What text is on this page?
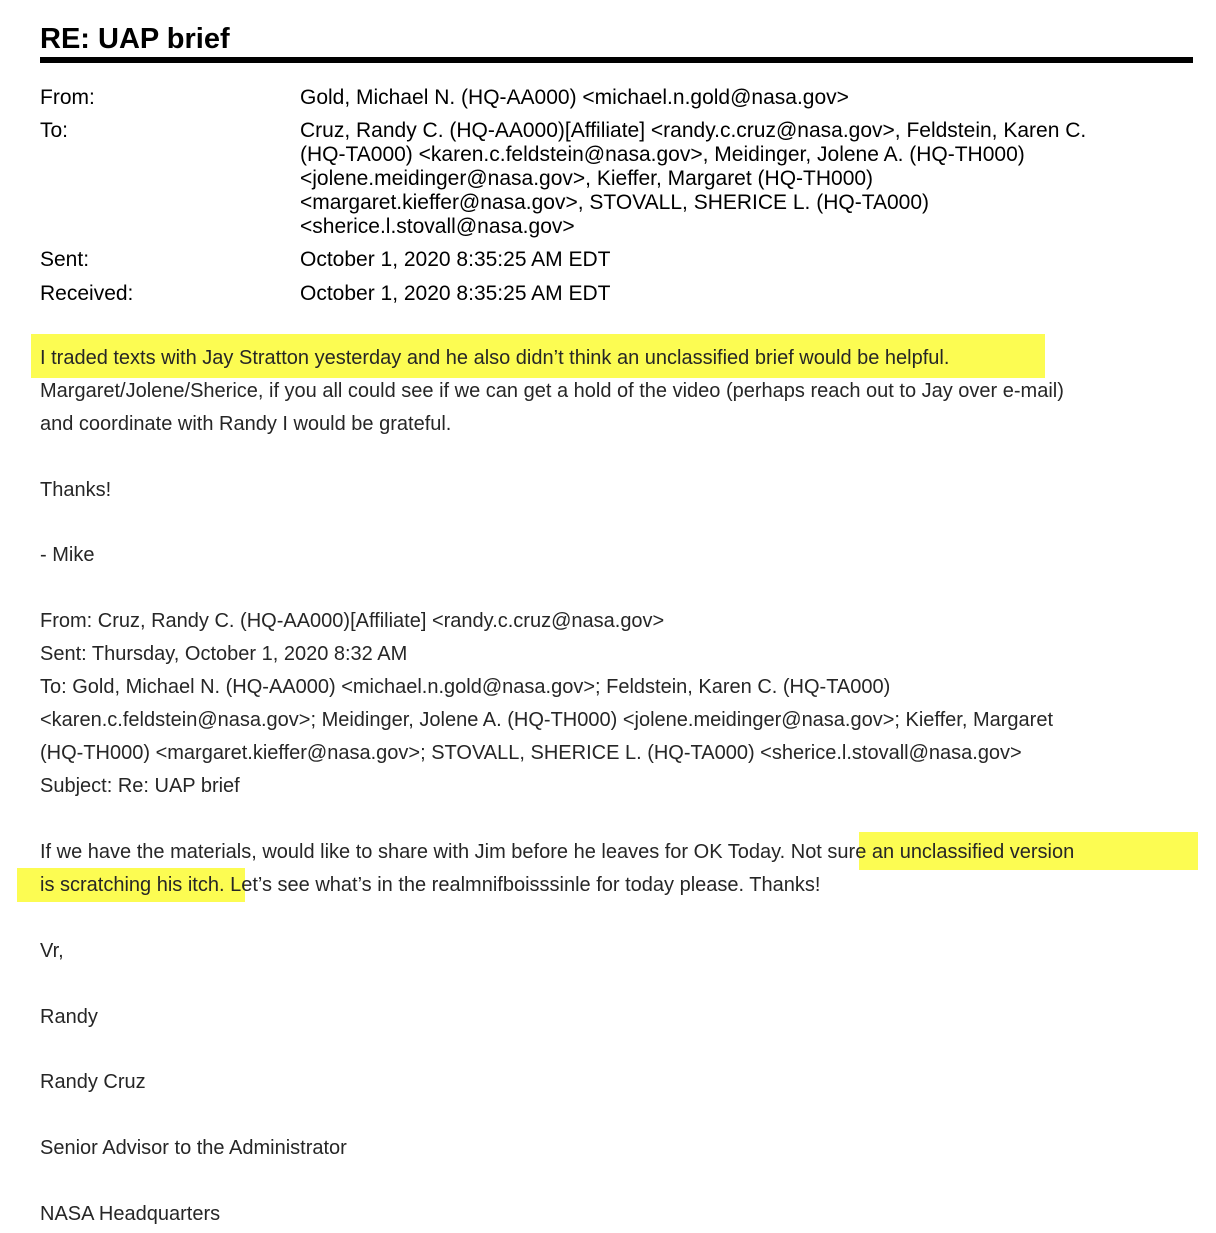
RE: UAP brief
From:	Gold, Michael N. (HQ-AA000) <michael.n.gold@nasa.gov>
To:	Cruz, Randy C. (HQ-AA000)[Affiliate] <randy.c.cruz@nasa.gov>, Feldstein, Karen C.
(HQ-TA000) <karen.c.feldstein@nasa.gov>, Meidinger, Jolene A. (HQ-TH000)
<jolene.meidinger@nasa.gov>, Kieffer, Margaret (HQ-TH000)
<margaret.kieffer@nasa.gov>, STOVALL, SHERICE L. (HQ-TA000)
<sherice.l.stovall@nasa.gov>
Sent:	October 1, 2020 8:35:25 AM EDT
Received:	October 1, 2020 8:35:25 AM EDT
I traded texts with Jay Stratton yesterday and he also didn’t think an unclassified brief would be helpful.
Margaret/Jolene/Sherice, if you all could see if we can get a hold of the video (perhaps reach out to Jay over e-mail)
and coordinate with Randy I would be grateful.
Thanks!
- Mike
From: Cruz, Randy C. (HQ-AA000)[Affiliate] <randy.c.cruz@nasa.gov>
Sent: Thursday, October 1, 2020 8:32 AM
To: Gold, Michael N. (HQ-AA000) <michael.n.gold@nasa.gov>; Feldstein, Karen C. (HQ-TA000)
<karen.c.feldstein@nasa.gov>; Meidinger, Jolene A. (HQ-TH000) <jolene.meidinger@nasa.gov>; Kieffer, Margaret
(HQ-TH000) <margaret.kieffer@nasa.gov>; STOVALL, SHERICE L. (HQ-TA000) <sherice.l.stovall@nasa.gov>
Subject: Re: UAP brief
If we have the materials, would like to share with Jim before he leaves for OK Today. Not sure an unclassified version
is scratching his itch. Let’s see what’s in the realmnifboisssinle for today please. Thanks!
Vr,
Randy
Randy Cruz
Senior Advisor to the Administrator
NASA Headquarters
